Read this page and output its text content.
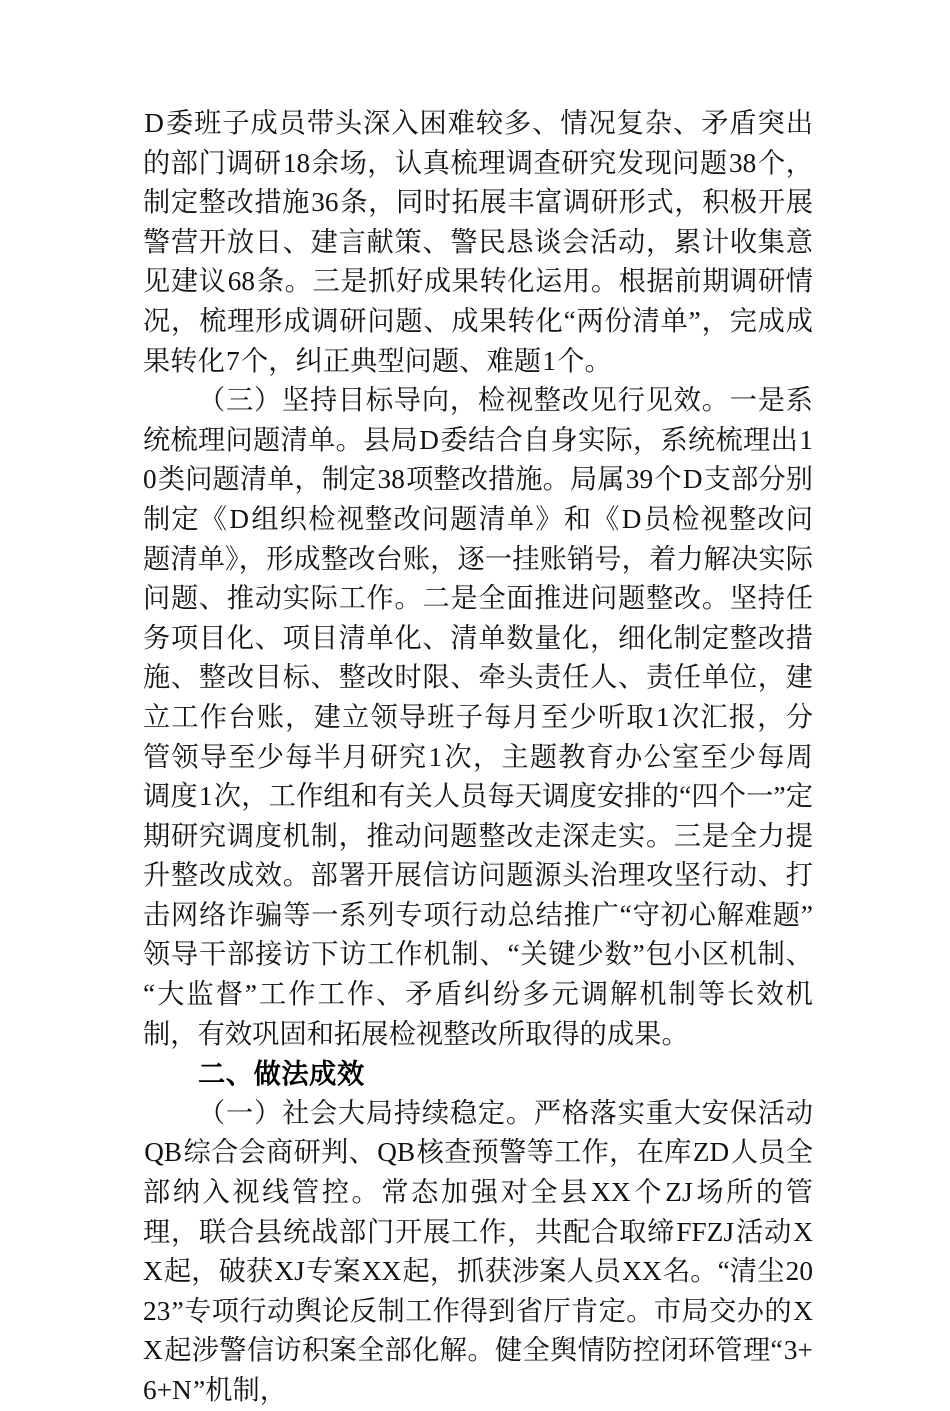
D委班子成员带头深入困难较多、情况复杂、矛盾突出的部门调研18余场，认真梳理调查研究发现问题38个，制定整改措施36条，同时拓展丰富调研形式，积极开展警营开放日、建言献策、警民恳谈会活动，累计收集意见建议68条。三是抓好成果转化运用。根据前期调研情况，梳理形成调研问题、成果转化“两份清单”，完成成果转化7个，纠正典型问题、难题1个。

（三）坚持目标导向，检视整改见行见效。一是系统梳理问题清单。县局D委结合自身实际，系统梳理出10类问题清单，制定38项整改措施。局属39个D支部分别制定《D组织检视整改问题清单》和《D员检视整改问题清单》，形成整改台账，逐一挂账销号，着力解决实际问题、推动实际工作。二是全面推进问题整改。坚持任务项目化、项目清单化、清单数量化，细化制定整改措施、整改目标、整改时限、牵头责任人、责任单位，建立工作台账，建立领导班子每月至少听取1次汇报，分管领导至少每半月研究1次，主题教育办公室至少每周调度1次，工作组和有关人员每天调度安排的“四个一”定期研究调度机制，推动问题整改走深走实。三是全力提升整改成效。部署开展信访问题源头治理攻坚行动、打击网络诈骗等一系列专项行动总结推广“守初心解难题”领导干部接访下访工作机制、“关键少数”包小区机制、“大监督”工作工作、矛盾纠纷多元调解机制等长效机制，有效巩固和拓展检视整改所取得的成果。

二、做法成效

（一）社会大局持续稳定。严格落实重大安保活动QB综合会商研判、QB核查预警等工作，在库ZD人员全部纳入视线管控。常态加强对全县XX个ZJ场所的管理，联合县统战部门开展工作，共配合取缔FFZJ活动XX起，破获XJ专案XX起，抓获涉案人员XX名。“清尘2023”专项行动舆论反制工作得到省厅肯定。市局交办的XX起涉警信访积案全部化解。健全舆情防控闭环管理“3+6+N”机制，
